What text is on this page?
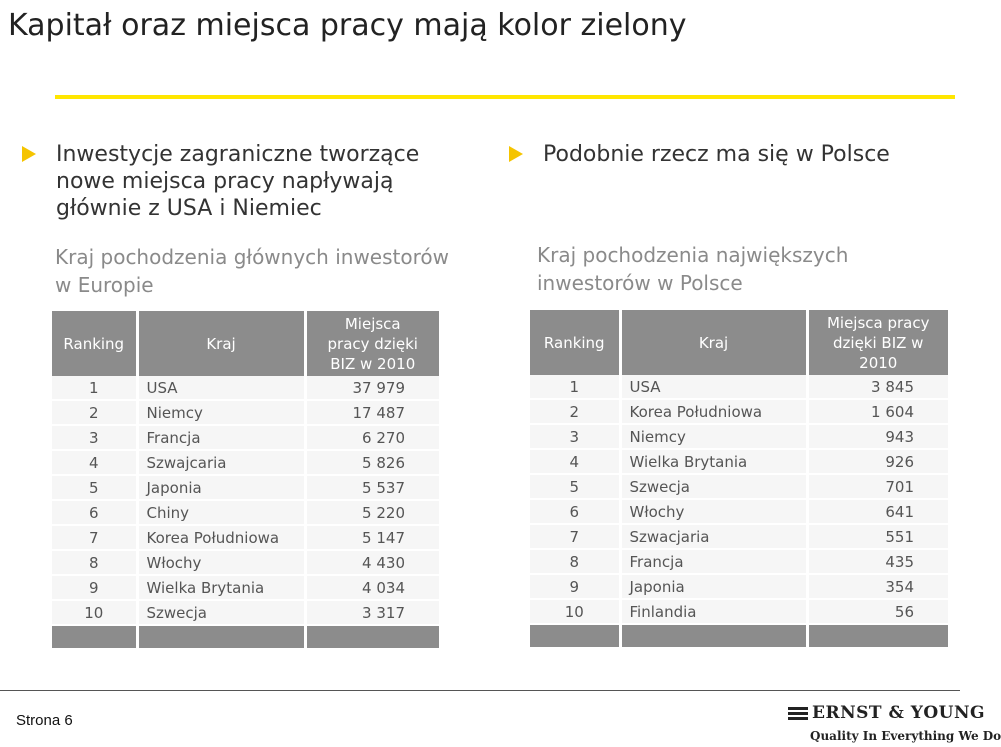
Kapitał oraz miejsca pracy mają kolor zielony
Inwestycje zagraniczne tworzące
nowe miejsca pracy napływają
głównie z USA i Niemiec
Kraj pochodzenia głównych inwestorów
w Europie
Ranking	Kraj	Miejsca
pracy dzięki
BIZ w 2010

1	USA	37 979
2	Niemcy	17 487
3	Francja	6 270
4	Szwajcaria	5 826
5	Japonia	5 537
6	Chiny	5 220
7	Korea Południowa	5 147
8	Włochy	4 430
9	Wielka Brytania	4 034
10	Szwecja	3 317

Podobnie rzecz ma się w Polsce
Kraj pochodzenia największych
inwestorów w Polsce
Ranking	Kraj	Miejsca pracy
dzięki BIZ w
2010

1	USA	3 845
2	Korea Południowa	1 604
3	Niemcy	943
4	Wielka Brytania	926
5	Szwecja	701
6	Włochy	641
7	Szwacjaria	551
8	Francja	435
9	Japonia	354
10	Finlandia	56

Strona 6	ERNST & YOUNG
Quality In Everything We Do
